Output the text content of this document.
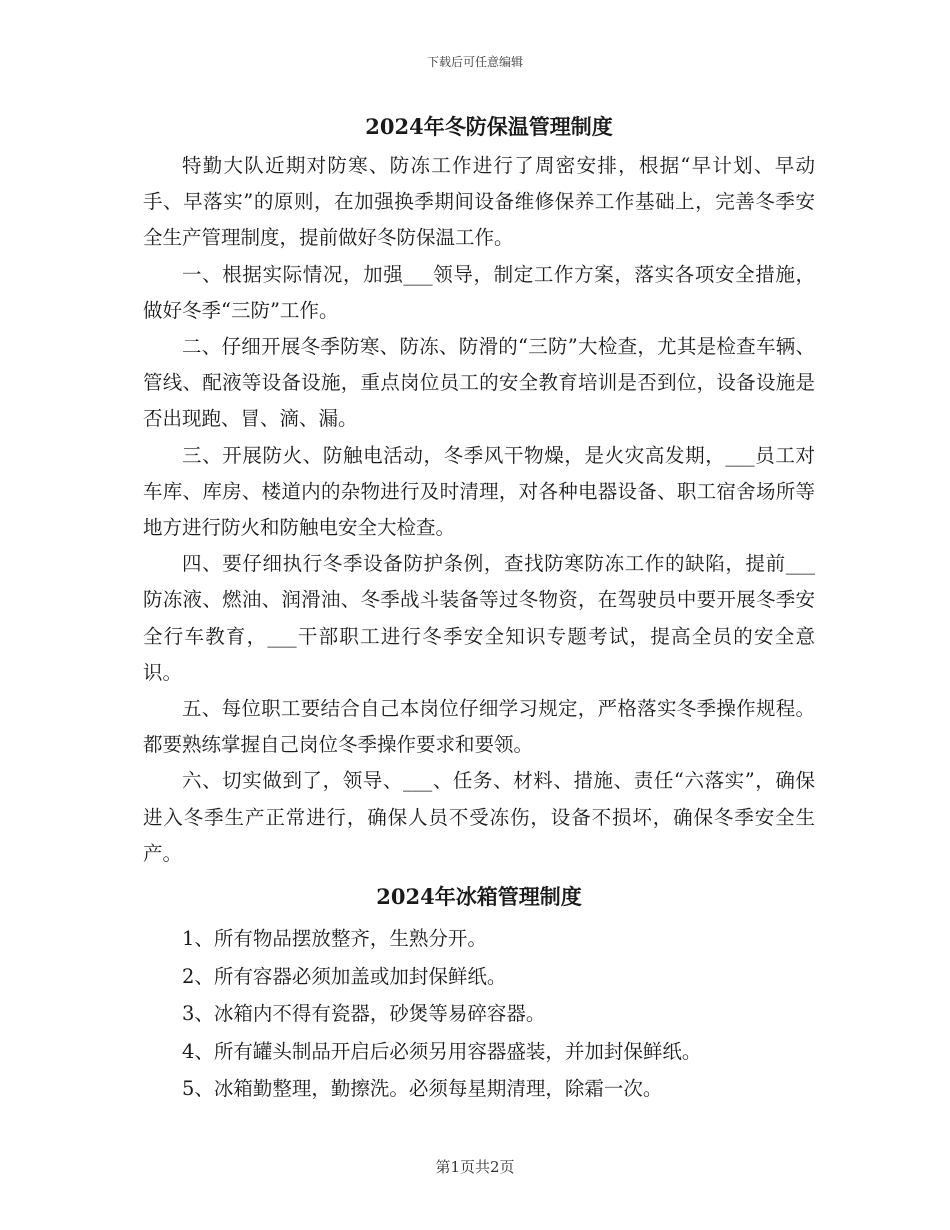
下载后可任意编辑
2024年冬防保温管理制度

特勤大队近期对防寒、防冻工作进行了周密安排，根据“早计划、早动手、早落实”的原则，在加强换季期间设备维修保养工作基础上，完善冬季安全生产管理制度，提前做好冬防保温工作。

一、根据实际情况，加强___领导，制定工作方案，落实各项安全措施，做好冬季“三防”工作。

二、仔细开展冬季防寒、防冻、防滑的“三防”大检查，尤其是检查车辆、管线、配液等设备设施，重点岗位员工的安全教育培训是否到位，设备设施是否出现跑、冒、滴、漏。

三、开展防火、防触电活动，冬季风干物燥，是火灾高发期，___员工对车库、库房、楼道内的杂物进行及时清理，对各种电器设备、职工宿舍场所等地方进行防火和防触电安全大检查。

四、要仔细执行冬季设备防护条例，查找防寒防冻工作的缺陷，提前___防冻液、燃油、润滑油、冬季战斗装备等过冬物资，在驾驶员中要开展冬季安全行车教育，___干部职工进行冬季安全知识专题考试，提高全员的安全意识。

五、每位职工要结合自己本岗位仔细学习规定，严格落实冬季操作规程。都要熟练掌握自己岗位冬季操作要求和要领。

六、切实做到了，领导、___、任务、材料、措施、责任“六落实”，确保进入冬季生产正常进行，确保人员不受冻伤，设备不损坏，确保冬季安全生产。

2024年冰箱管理制度

1、所有物品摆放整齐，生熟分开。

2、所有容器必须加盖或加封保鲜纸。

3、冰箱内不得有瓷器，砂煲等易碎容器。

4、所有罐头制品开启后必须另用容器盛装，并加封保鲜纸。

5、冰箱勤整理，勤擦洗。必须每星期清理，除霜一次。

第1页共2页
